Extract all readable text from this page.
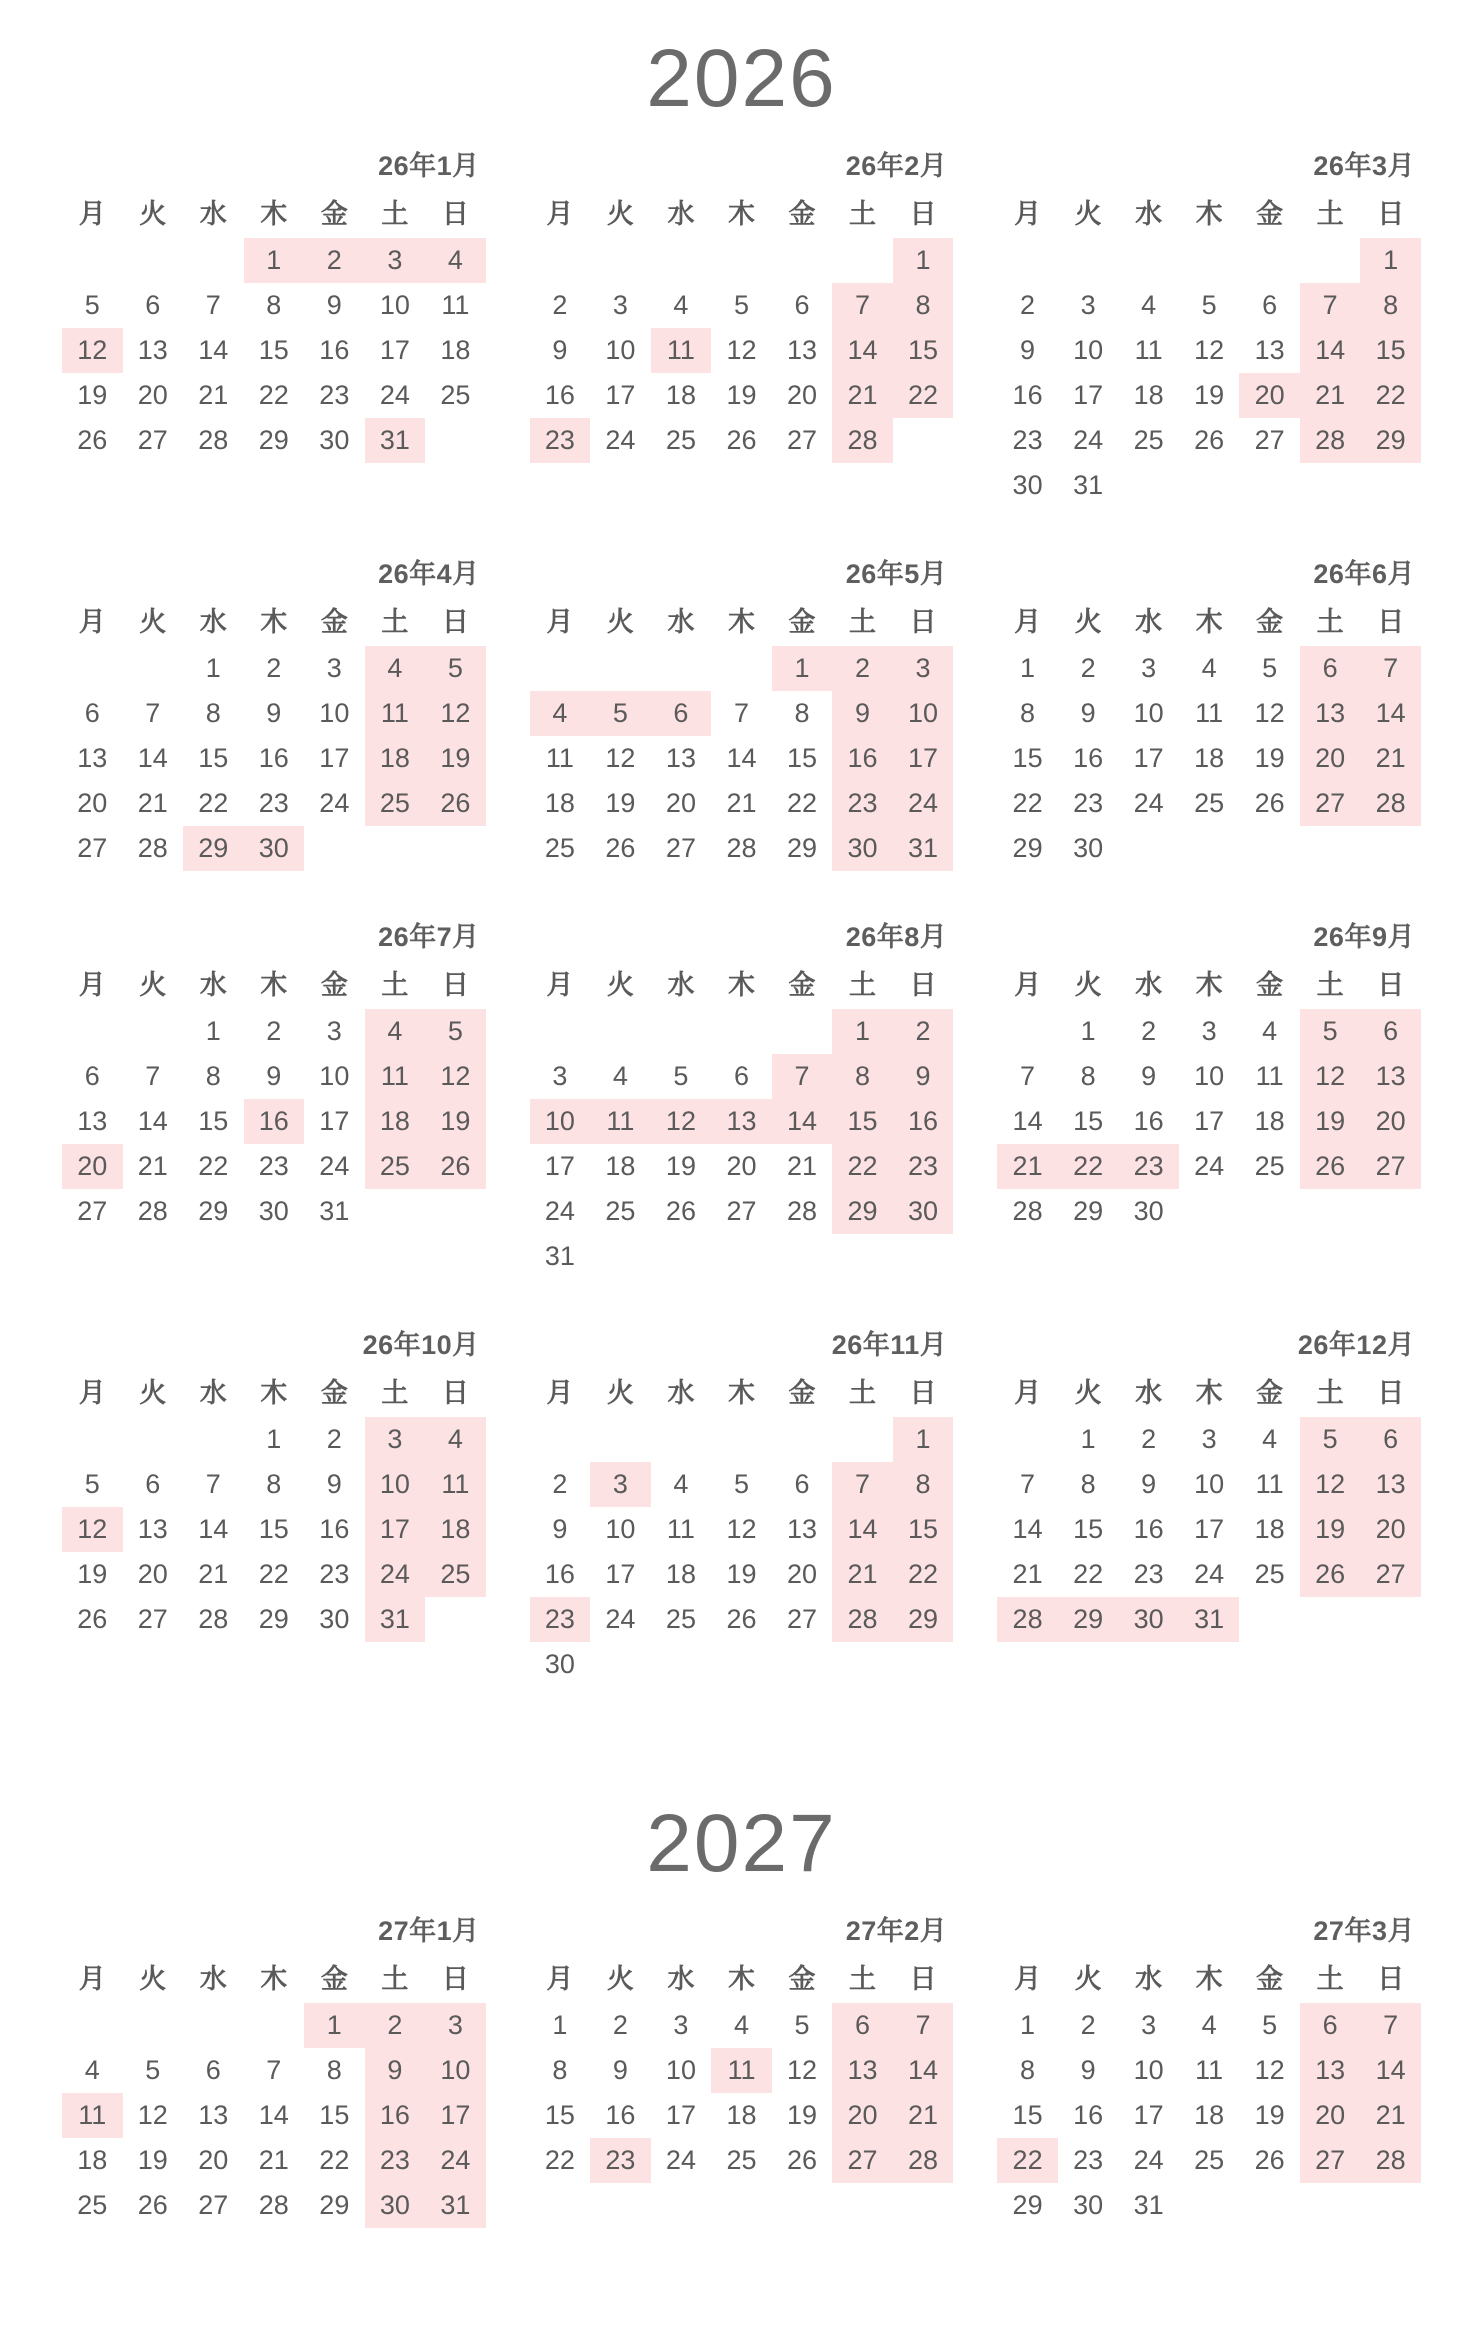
2026
26年1月
月	火	水	木	金	土	日
			1	2	3	4
5	6	7	8	9	10	11
12	13	14	15	16	17	18
19	20	21	22	23	24	25
26	27	28	29	30	31	
26年2月
月	火	水	木	金	土	日
						1
2	3	4	5	6	7	8
9	10	11	12	13	14	15
16	17	18	19	20	21	22
23	24	25	26	27	28	
26年3月
月	火	水	木	金	土	日
						1
2	3	4	5	6	7	8
9	10	11	12	13	14	15
16	17	18	19	20	21	22
23	24	25	26	27	28	29
30	31					
26年4月
月	火	水	木	金	土	日
		1	2	3	4	5
6	7	8	9	10	11	12
13	14	15	16	17	18	19
20	21	22	23	24	25	26
27	28	29	30			
26年5月
月	火	水	木	金	土	日
				1	2	3
4	5	6	7	8	9	10
11	12	13	14	15	16	17
18	19	20	21	22	23	24
25	26	27	28	29	30	31
26年6月
月	火	水	木	金	土	日
1	2	3	4	5	6	7
8	9	10	11	12	13	14
15	16	17	18	19	20	21
22	23	24	25	26	27	28
29	30					
26年7月
月	火	水	木	金	土	日
		1	2	3	4	5
6	7	8	9	10	11	12
13	14	15	16	17	18	19
20	21	22	23	24	25	26
27	28	29	30	31		
26年8月
月	火	水	木	金	土	日
					1	2
3	4	5	6	7	8	9
10	11	12	13	14	15	16
17	18	19	20	21	22	23
24	25	26	27	28	29	30
31						
26年9月
月	火	水	木	金	土	日
	1	2	3	4	5	6
7	8	9	10	11	12	13
14	15	16	17	18	19	20
21	22	23	24	25	26	27
28	29	30				
26年10月
月	火	水	木	金	土	日
			1	2	3	4
5	6	7	8	9	10	11
12	13	14	15	16	17	18
19	20	21	22	23	24	25
26	27	28	29	30	31	
26年11月
月	火	水	木	金	土	日
						1
2	3	4	5	6	7	8
9	10	11	12	13	14	15
16	17	18	19	20	21	22
23	24	25	26	27	28	29
30						
26年12月
月	火	水	木	金	土	日
	1	2	3	4	5	6
7	8	9	10	11	12	13
14	15	16	17	18	19	20
21	22	23	24	25	26	27
28	29	30	31			
2027
27年1月
月	火	水	木	金	土	日
				1	2	3
4	5	6	7	8	9	10
11	12	13	14	15	16	17
18	19	20	21	22	23	24
25	26	27	28	29	30	31
27年2月
月	火	水	木	金	土	日
1	2	3	4	5	6	7
8	9	10	11	12	13	14
15	16	17	18	19	20	21
22	23	24	25	26	27	28
27年3月
月	火	水	木	金	土	日
1	2	3	4	5	6	7
8	9	10	11	12	13	14
15	16	17	18	19	20	21
22	23	24	25	26	27	28
29	30	31				
